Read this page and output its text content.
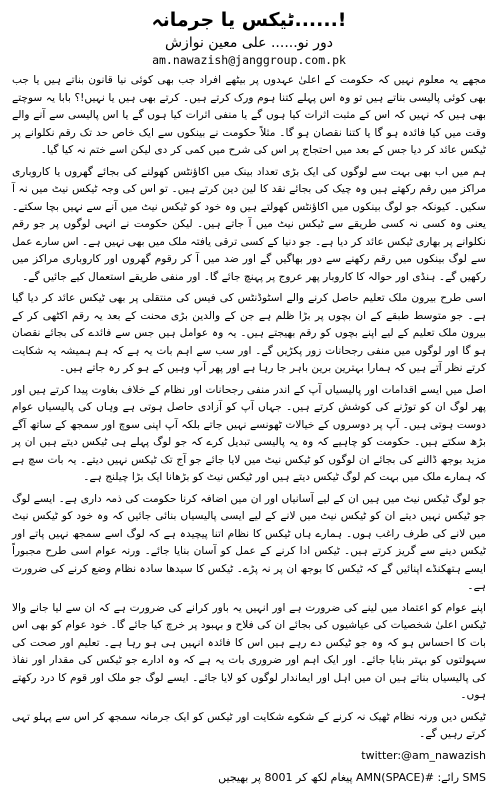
ٹیکس یا جرمانہ......!
دور نو...... علی معین نوازش
am.nawazish@janggroup.com.pk

مجھے یہ معلوم نہیں کہ حکومت کے اعلیٰ عہدوں پر بیٹھے افراد جب بھی کوئی نیا قانون بناتے ہیں یا جب بھی کوئی پالیسی بناتے ہیں تو وہ اس پہلے کتنا ہوم ورک کرتے ہیں۔ کرتے بھی ہیں یا نہیں!؟ بابا یہ سوچتے بھی ہیں کہ نہیں کہ اس کے مثبت اثرات کیا ہوں گے یا منفی اثرات کیا ہوں گے یا اس پالیسی سے آنے والے وقت میں کیا فائدہ ہو گا یا کتنا نقصان ہو گا۔ مثلاً حکومت نے بینکوں سے ایک خاص حد تک رقم نکلوانے پر ٹیکس عائد کر دیا جس کے بعد میں احتجاج پر اس کی شرح میں کمی کر دی لیکن اسے ختم نہ کیا گیا۔

ہم میں اب بھی بہت سے لوگوں کی ایک بڑی تعداد بینک میں اکاؤنٹس کھولنے کی بجائے گھروں یا کاروباری مراکز میں رقم رکھتے ہیں وہ چیک کی بجائے نقد کا لین دین کرتے ہیں۔ تو اس کی وجہ ٹیکس نیٹ میں نہ آ سکیں۔ کیونکہ جو لوگ بینکوں میں اکاؤنٹس کھولتے ہیں وہ خود کو ٹیکس نیٹ میں آنے سے نہیں بچا سکتے۔ یعنی وہ کسی نہ کسی طریقے سے ٹیکس نیٹ میں آ جاتے ہیں۔ لیکن حکومت نے انہی لوگوں پر جو رقم نکلوانے پر بھاری ٹیکس عائد کر دیا ہے۔ جو دنیا کے کسی ترقی یافتہ ملک میں بھی نہیں ہے۔ اس سارے عمل سے لوگ بینکوں میں رقم رکھنے سے دور بھاگیں گے اور ضد میں آ کر رقوم گھروں اور کاروباری مراکز میں رکھیں گے۔ ہنڈی اور حوالہ کا کاروبار پھر عروج پر پہنچ جائے گا۔ اور منفی طریقے استعمال کیے جائیں گے۔

اسی طرح بیرون ملک تعلیم حاصل کرنے والے اسٹوڈنٹس کی فیس کی منتقلی پر بھی ٹیکس عائد کر دیا گیا ہے۔ جو متوسط طبقے کے ان بچوں پر بڑا ظلم ہے جن کے والدین بڑی محنت کے بعد یہ رقم اکٹھی کر کے بیرون ملک تعلیم کے لیے اپنے بچوں کو رقم بھیجتے ہیں۔ یہ وہ عوامل ہیں جس سے فائدے کی بجائے نقصان ہو گا اور لوگوں میں منفی رجحانات زور پکڑیں گے۔ اور سب سے اہم بات یہ ہے کہ ہم ہمیشہ یہ شکایت کرتے نظر آتے ہیں کہ ہمارا بہترین برین باہر جا رہا ہے اور پھر آپ وہیں کے ہو کر رہ جاتے ہیں۔

اصل میں ایسے اقدامات اور پالیسیاں آپ کے اندر منفی رجحانات اور نظام کے خلاف بغاوت پیدا کرتے ہیں اور پھر لوگ ان کو توڑنے کی کوشش کرتے ہیں۔ جہاں آپ کو آزادی حاصل ہوتی ہے وہاں کی پالیسیاں عوام دوست ہوتی ہیں۔ آپ پر دوسروں کے خیالات ٹھونسے نہیں جاتے بلکہ آپ اپنی سوچ اور سمجھ کے ساتھ آگے بڑھ سکتے ہیں۔ حکومت کو چاہیے کہ وہ یہ پالیسی تبدیل کرے کہ جو لوگ پہلے ہی ٹیکس دیتے ہیں ان پر مزید بوجھ ڈالنے کی بجائے ان لوگوں کو ٹیکس نیٹ میں لایا جائے جو آج تک ٹیکس نہیں دیتے۔ یہ بات سچ ہے کہ ہمارے ملک میں بہت کم لوگ ٹیکس دیتے ہیں اور ٹیکس نیٹ کو بڑھانا ایک بڑا چیلنج ہے۔

جو لوگ ٹیکس نیٹ میں ہیں ان کے لیے آسانیاں اور ان میں اضافہ کرنا حکومت کی ذمہ داری ہے۔ ایسے لوگ جو ٹیکس نہیں دیتے ان کو ٹیکس نیٹ میں لانے کے لیے ایسی پالیسیاں بنائی جائیں کہ وہ خود کو ٹیکس نیٹ میں لانے کی طرف راغب ہوں۔ ہمارے ہاں ٹیکس کا نظام اتنا پیچیدہ ہے کہ لوگ اسے سمجھ نہیں پاتے اور ٹیکس دینے سے گریز کرتے ہیں۔ ٹیکس ادا کرنے کے عمل کو آسان بنایا جائے۔ ورنہ عوام اسی طرح مجبوراً ایسے ہتھکنڈے اپنائیں گے کہ ٹیکس کا بوجھ ان پر نہ پڑے۔ ٹیکس کا سیدھا سادہ نظام وضع کرنے کی ضرورت ہے۔

اپنے عوام کو اعتماد میں لینے کی ضرورت ہے اور انہیں یہ باور کرانے کی ضرورت ہے کہ ان سے لیا جانے والا ٹیکس اعلیٰ شخصیات کی عیاشیوں کی بجائے ان کی فلاح و بہبود پر خرچ کیا جائے گا۔ خود عوام کو بھی اس بات کا احساس ہو کہ وہ جو ٹیکس دے رہے ہیں اس کا فائدہ انہیں ہی ہو رہا ہے۔ تعلیم اور صحت کی سہولتوں کو بہتر بنایا جائے۔ اور ایک اہم اور ضروری بات یہ ہے کہ وہ ادارے جو ٹیکس کی مقدار اور نفاذ کی پالیسیاں بناتے ہیں ان میں اہل اور ایماندار لوگوں کو لایا جائے۔ ایسے لوگ جو ملک اور قوم کا درد رکھتے ہوں۔

ٹیکس دیں ورنہ نظام ٹھیک نہ کرنے کے شکوے شکایت اور ٹیکس کو ایک جرمانہ سمجھ کر اس سے پہلو تہی کرتے رہیں گے۔

twitter:@am_nawazish
SMS رائے: #AMN(SPACE) پیغام لکھ کر 8001 پر بھیجیں
